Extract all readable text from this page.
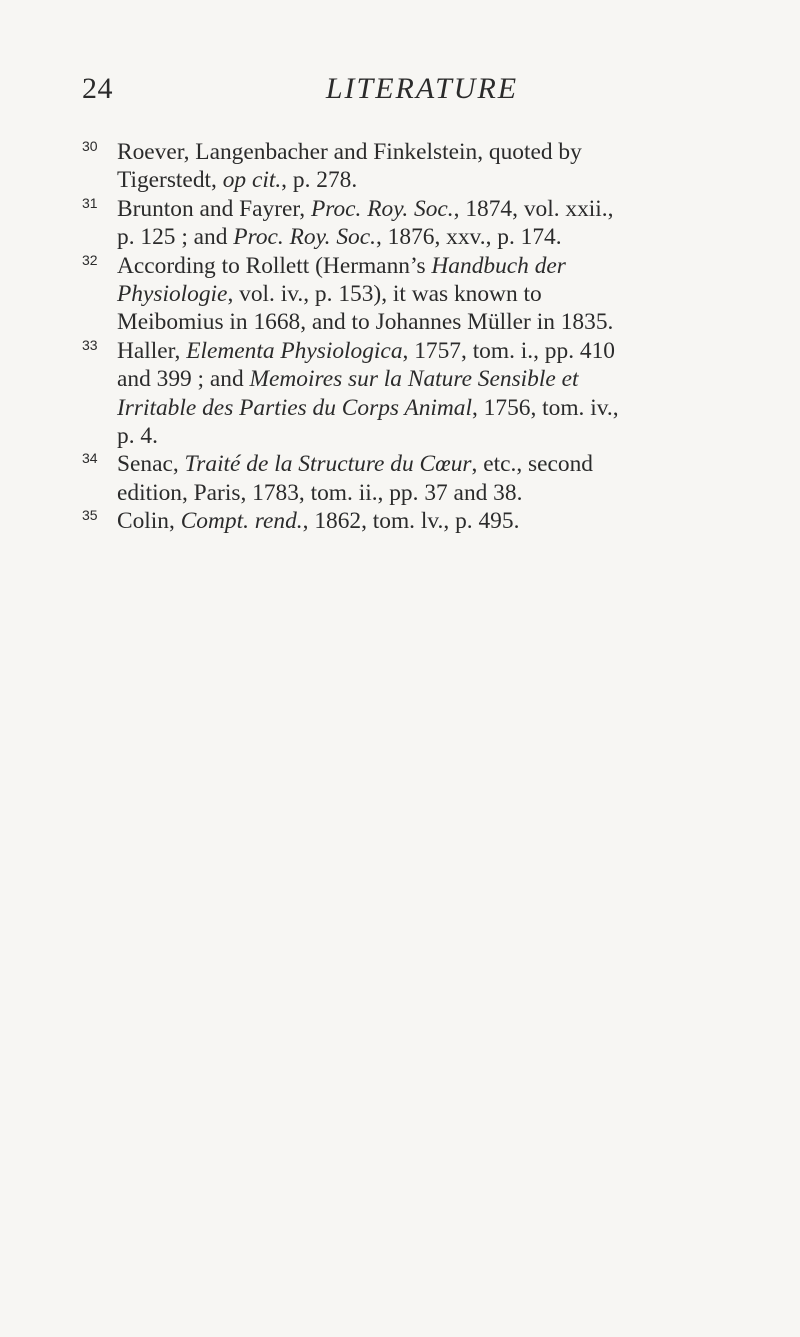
24	LITERATURE
30 Roever, Langenbacher and Finkelstein, quoted by
Tigerstedt, op cit., p. 278.
31 Brunton and Fayrer, Proc. Roy. Soc., 1874, vol. xxii.,
p. 125 ; and Proc. Roy. Soc., 1876, xxv., p. 174.
32 According to Rollett (Hermann’s Handbuch der
Physiologie, vol. iv., p. 153), it was known to
Meibomius in 1668, and to Johannes Müller in 1835.
33 Haller, Elementa Physiologica, 1757, tom. i., pp. 410
and 399 ; and Memoires sur la Nature Sensible et
Irritable des Parties du Corps Animal, 1756, tom. iv.,
p. 4.
34 Senac, Traité de la Structure du Cœur, etc., second
edition, Paris, 1783, tom. ii., pp. 37 and 38.
35 Colin, Compt. rend., 1862, tom. lv., p. 495.
